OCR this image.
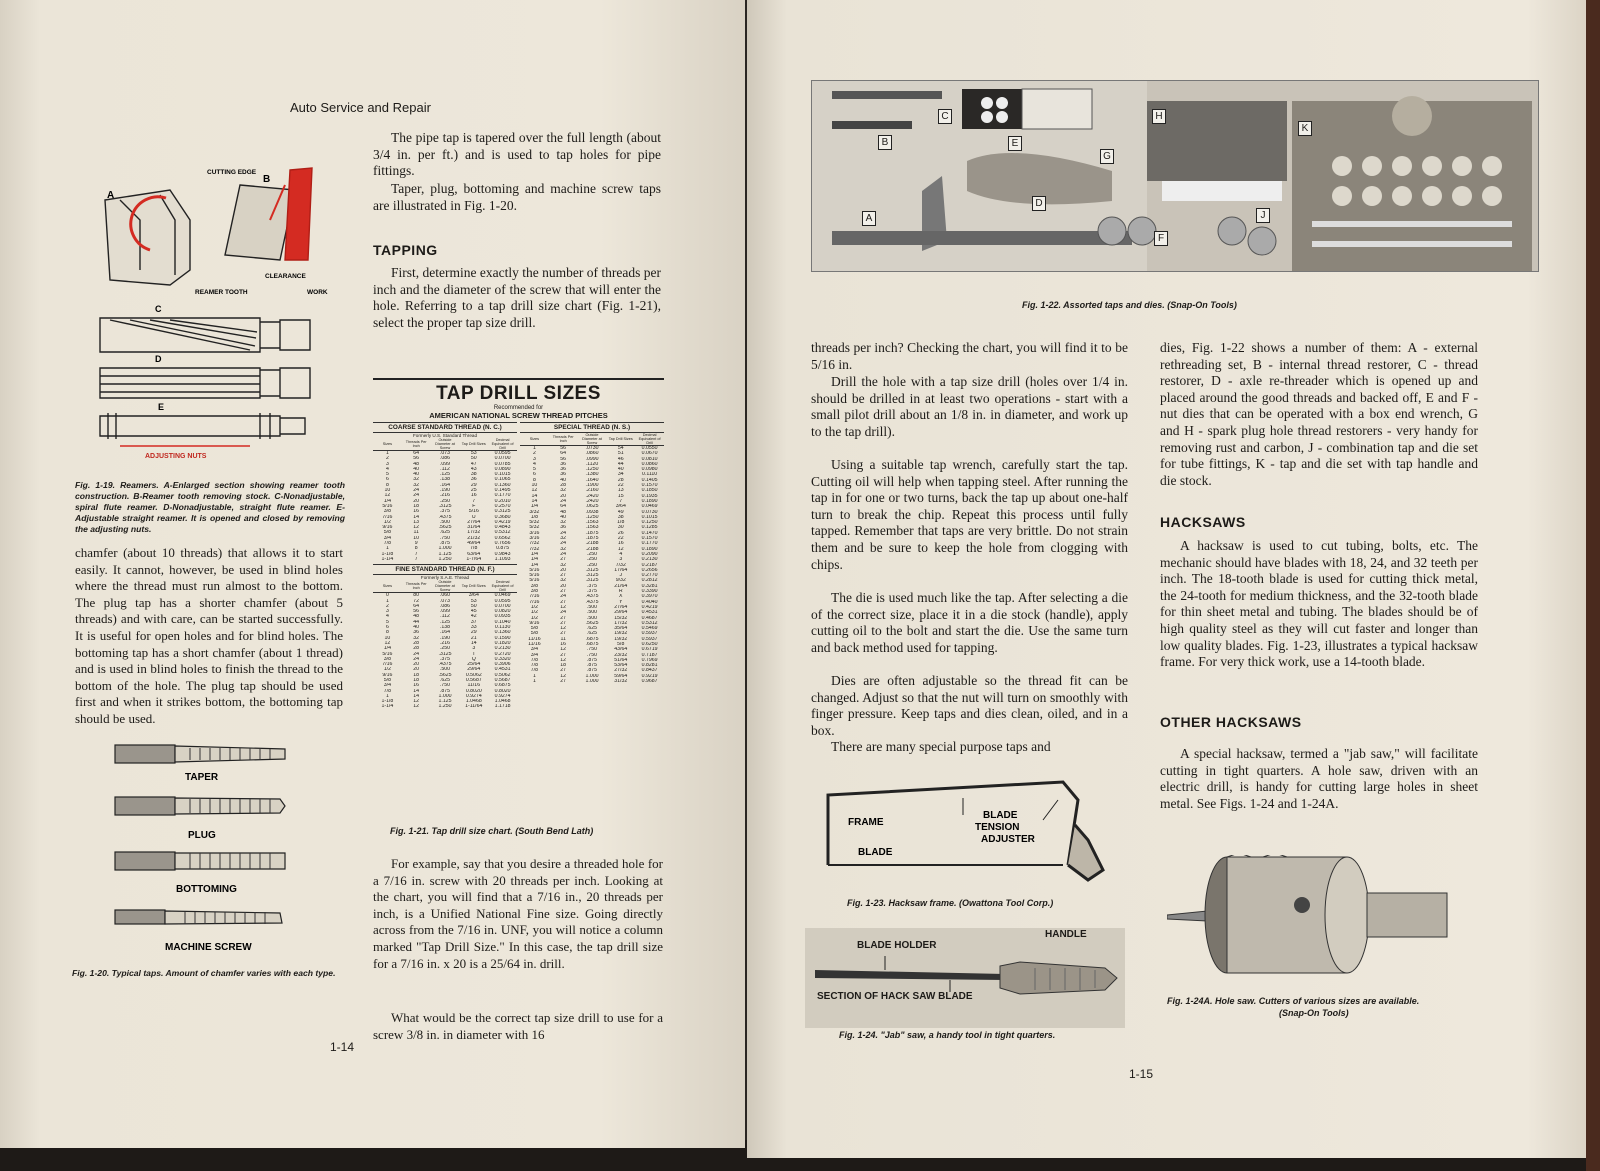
Auto Service and Repair
The pipe tap is tapered over the full length (about 3/4 in. per ft.) and is used to tap holes for pipe fittings.
Taper, plug, bottoming and machine screw taps are illustrated in Fig. 1-20.
TAPPING
First, determine exactly the number of threads per inch and the diameter of the screw that will enter the hole. Referring to a tap drill size chart (Fig. 1-21), select the proper tap size drill.
A
B
CUTTING EDGE
REAMER TOOTH
CLEARANCE
WORK
C
D
E
ADJUSTING NUTS
Fig. 1-19. Reamers. A-Enlarged section showing reamer tooth construction. B-Reamer tooth removing stock. C-Nonadjustable, spiral flute reamer. D-Nonadjustable, straight flute reamer. E-Adjustable straight reamer. It is opened and closed by removing the adjusting nuts.
chamfer (about 10 threads) that allows it to start easily. It cannot, however, be used in blind holes where the thread must run almost to the bottom. The plug tap has a shorter chamfer (about 5 threads) and with care, can be started successfully. It is useful for open holes and for blind holes. The bottoming tap has a short chamfer (about 1 thread) and is used in blind holes to finish the thread to the bottom of the hole. The plug tap should be used first and when it strikes bottom, the bottoming tap should be used.
TAPER
PLUG
BOTTOMING
MACHINE SCREW
Fig. 1-20. Typical taps. Amount of chamfer varies with each type.
TAP DRILL SIZES
Recommended for
AMERICAN NATIONAL SCREW THREAD PITCHES
COARSE STANDARD THREAD (N. C.)
Formerly U.S. Standard Thread
Sizes	Threads Per Inch
Outside Diameter at Screw
Tap Drill Sizes
Decimal Equivalent of Drill
1	64	.073	53	0.0595
2	56	.086	50	0.0700
3	48	.099	47	0.0785
4	40	.112	43	0.0890
5	40	.125	38	0.1015
6	32	.138	36	0.1065
8	32	.164	29	0.1360
10	24	.190	25	0.1495
12	24	.216	16	0.1770
1/4	20	.250	7	0.2010
5/16	18	.3125	F	0.2570
3/8	16	.375	5/16	0.3125
7/16	14	.4375	U	0.3680
1/2	13	.500	27/64	0.4219
9/16	12	.5625	31/64	0.4843
5/8	11	.625	17/32	0.5312
3/4	10	.750	21/32	0.6562
7/8	9	.875	49/64	0.7656
1	8	1.000	7/8	0.875
1-1/8	7	1.125	63/64	0.9843
1-1/4	7	1.250	1-7/64	1.1093
FINE STANDARD THREAD (N. F.)
Formerly S.A.E. Thread
Sizes	Threads Per Inch
Outside Diameter at Screw
Tap Drill Sizes
Decimal Equivalent of Drill
0	80	.060	3/64	0.0469
1	72	.073	53	0.0595
2	64	.086	50	0.0700
3	56	.099	45	0.0820
4	48	.112	42	0.0935
5	44	.125	37	0.1040
6	40	.138	33	0.1130
8	36	.164	29	0.1360
10	32	.190	21	0.1590
12	28	.216	14	0.1820
1/4	28	.250	3	0.2130
5/16	24	.3125	I	0.2720
3/8	24	.375	Q	0.3320
7/16	20	.4375	25/64	0.3906
1/2	20	.500	29/64	0.4531
9/16	18	.5625	0.5062	0.5062
5/8	18	.625	0.5687	0.5687
3/4	16	.750	11/16	0.6875
7/8	14	.875	0.8020	0.8020
1	14	1.000	0.9274	0.9274
1-1/8	12	1.125	1.0468	1.0468
1-1/4	12	1.250	1-11/64	1.1718
SPECIAL THREAD (N. S.)
Sizes	Threads Per Inch
Outside Diameter at Screw
Tap Drill Sizes
Decimal Equivalent of Drill
1	56	.0730	54	0.0550
2	64	.0860	51	0.0670
3	56	.0990	46	0.0810
4	36	.1120	44	0.0860
5	36	.1250	40	0.0980
6	36	.1380	34	0.1110
8	40	.1640	28	0.1405
10	28	.1900	22	0.1570
12	32	.2160	13	0.1850
14	20	.2420	15	0.1935
14	24	.2420	7	0.1890
1/4	64	.0625	3/64	0.0469
3/32	48	.0938	49	0.0730
1/8	40	.1250	38	0.1015
5/32	32	.1563	1/8	0.1250
5/32	36	.1563	30	0.1285
3/16	24	.1875	26	0.1470
3/16	32	.1875	22	0.1570
7/32	24	.2188	16	0.1770
7/32	32	.2188	12	0.1890
1/4	24	.250	4	0.2090
1/4	27	.250	3	0.2130
1/4	32	.250	7/32	0.2187
5/16	20	.3125	17/64	0.2656
5/16	27	.3125	J	0.2770
5/16	32	.3125	9/32	0.2812
3/8	20	.375	21/64	0.3281
3/8	27	.375	R	0.3390
7/16	24	.4375	X	0.3970
7/16	27	.4375	Y	0.4040
1/2	12	.500	27/64	0.4219
1/2	24	.500	29/64	0.4531
1/2	27	.500	15/32	0.4687
9/16	27	.5625	17/32	0.5312
5/8	12	.625	35/64	0.5469
5/8	27	.625	19/32	0.5937
11/16	11	.6875	19/32	0.5937
11/16	16	.6875	5/8	0.6250
3/4	12	.750	43/64	0.6719
3/4	27	.750	23/32	0.7187
7/8	12	.875	51/64	0.7969
7/8	18	.875	53/64	0.8281
7/8	27	.875	27/32	0.8437
1	12	1.000	59/64	0.9219
1	27	1.000	31/32	0.9687
Fig. 1-21. Tap drill size chart. (South Bend Lath)
For example, say that you desire a threaded hole for a 7/16 in. screw with 20 threads per inch. Looking at the chart, you will find that a 7/16 in., 20 threads per inch, is a Unified National Fine size. Going directly across from the 7/16 in. UNF, you will notice a column marked "Tap Drill Size." In this case, the tap drill size for a 7/16 in. x 20 is a 25/64 in. drill.
What would be the correct tap size drill to use for a screw 3/8 in. in diameter with 16
1-14
A
B
C
D
E
F
G
H
J
K
Fig. 1-22. Assorted taps and dies. (Snap-On Tools)
threads per inch? Checking the chart, you will find it to be 5/16 in.
Drill the hole with a tap size drill (holes over 1/4 in. should be drilled in at least two operations - start with a small pilot drill about an 1/8 in. in diameter, and work up to the tap drill).
Using a suitable tap wrench, carefully start the tap. Cutting oil will help when tapping steel. After running the tap in for one or two turns, back the tap up about one-half turn to break the chip. Repeat this process until fully tapped. Remember that taps are very brittle. Do not strain them and be sure to keep the hole from clogging with chips.
The die is used much like the tap. After selecting a die of the correct size, place it in a die stock (handle), apply cutting oil to the bolt and start the die. Use the same turn and back method used for tapping.
Dies are often adjustable so the thread fit can be changed. Adjust so that the nut will turn on smoothly with finger pressure. Keep taps and dies clean, oiled, and in a box.
There are many special purpose taps and
dies, Fig. 1-22 shows a number of them: A - external rethreading set, B - internal thread restorer, C - thread restorer, D - axle re-threader which is opened up and placed around the good threads and backed off, E and F - nut dies that can be operated with a box end wrench, G and H - spark plug hole thread restorers - very handy for removing rust and carbon, J - combination tap and die set for tube fittings, K - tap and die set with tap handle and die stock.
HACKSAWS
A hacksaw is used to cut tubing, bolts, etc. The mechanic should have blades with 18, 24, and 32 teeth per inch. The 18-tooth blade is used for cutting thick metal, the 24-tooth for medium thickness, and the 32-tooth blade for thin sheet metal and tubing. The blades should be of high quality steel as they will cut faster and longer than low quality blades. Fig. 1-23, illustrates a typical hacksaw frame. For very thick work, use a 14-tooth blade.
OTHER HACKSAWS
A special hacksaw, termed a "jab saw," will facilitate cutting in tight quarters. A hole saw, driven with an electric drill, is handy for cutting large holes in sheet metal. See Figs. 1-24 and 1-24A.
FRAME
BLADE
BLADE
TENSION
ADJUSTER
Fig. 1-23. Hacksaw frame. (Owattona Tool Corp.)
BLADE HOLDER
HANDLE
SECTION OF HACK SAW BLADE
Fig. 1-24. "Jab" saw, a handy tool in tight quarters.
Fig. 1-24A. Hole saw. Cutters of various sizes are available.
(Snap-On Tools)
1-15
